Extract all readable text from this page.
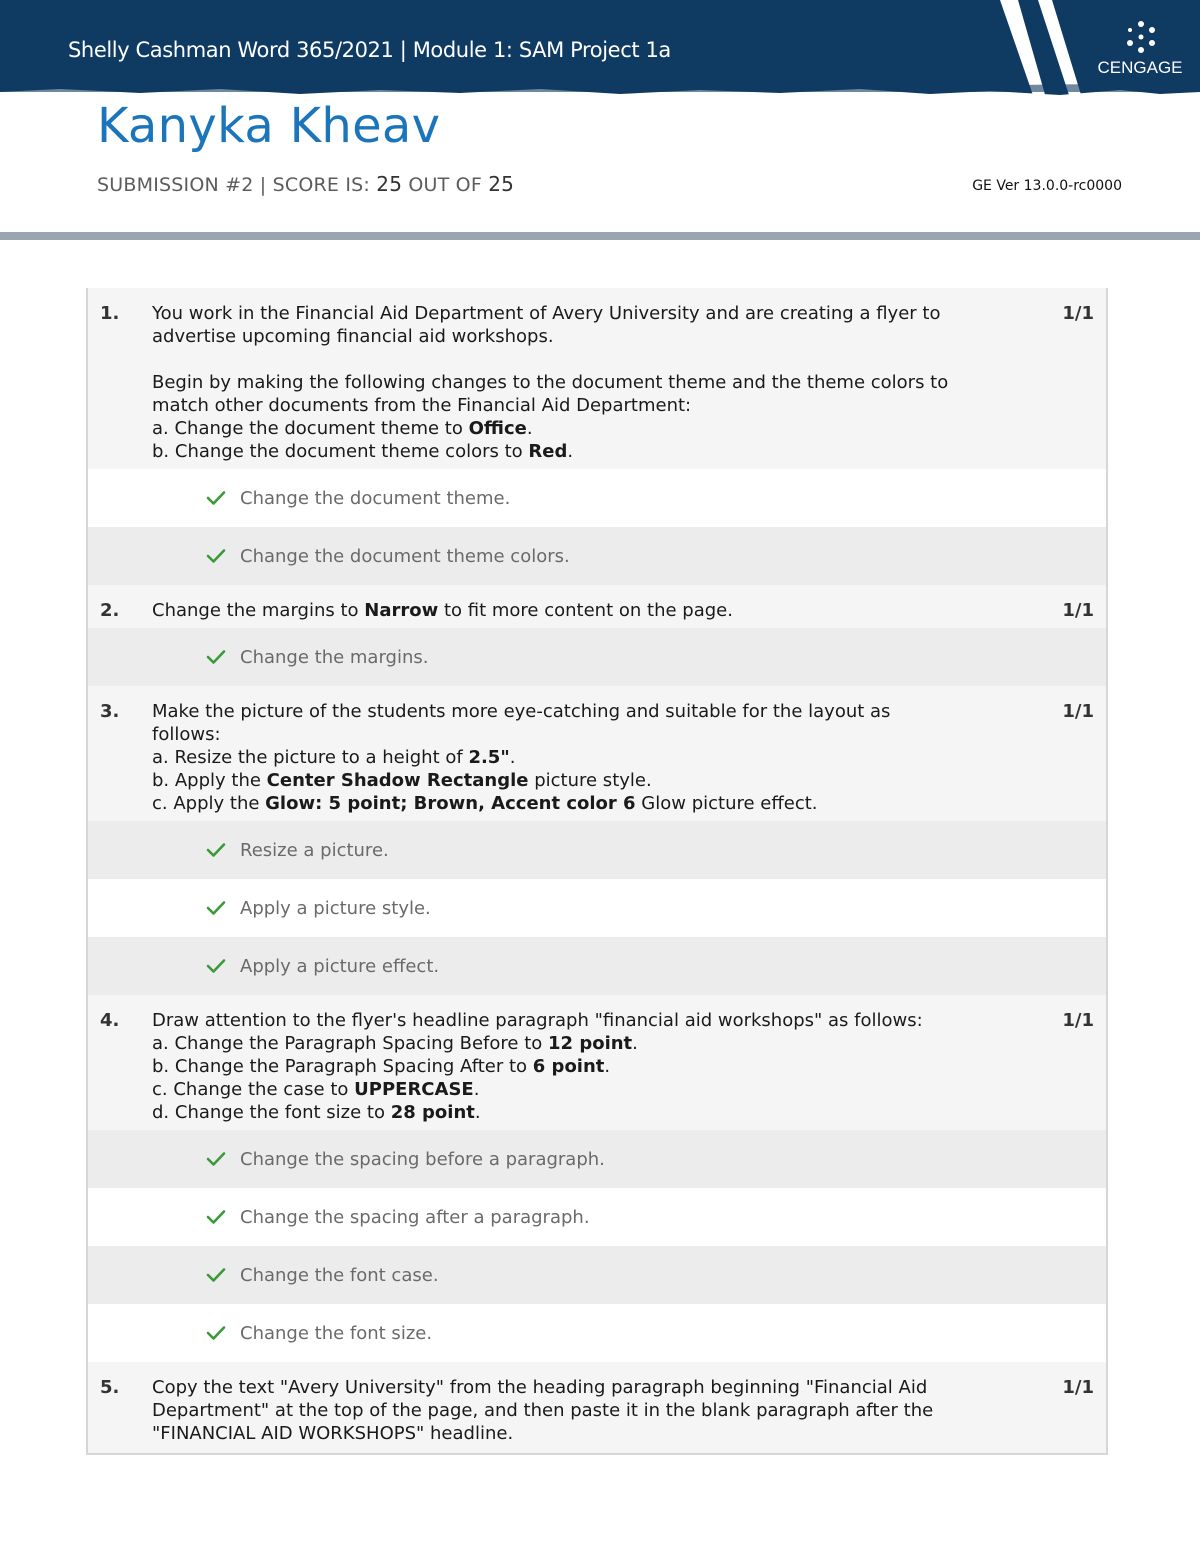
Shelly Cashman Word 365/2021 | Module 1: SAM Project 1a
CENGAGE
Kanyka Kheav
SUBMISSION #2 | SCORE IS: 25 OUT OF 25	GE Ver 13.0.0-rc0000
1.	1/1

You work in the Financial Aid Department of Avery University and are creating a flyer to advertise upcoming financial aid workshops.

Begin by making the following changes to the document theme and the theme colors to match other documents from the Financial Aid Department:
a. Change the document theme to Office.
b. Change the document theme colors to Red.

Change the document theme.
Change the document theme colors.
2.	1/1

Change the margins to Narrow to fit more content on the page.

Change the margins.
3.	1/1

Make the picture of the students more eye-catching and suitable for the layout as follows:
a. Resize the picture to a height of 2.5".
b. Apply the Center Shadow Rectangle picture style.
c. Apply the Glow: 5 point; Brown, Accent color 6 Glow picture effect.

Resize a picture.
Apply a picture style.
Apply a picture effect.
4.	1/1

Draw attention to the flyer's headline paragraph "financial aid workshops" as follows:
a. Change the Paragraph Spacing Before to 12 point.
b. Change the Paragraph Spacing After to 6 point.
c. Change the case to UPPERCASE.
d. Change the font size to 28 point.

Change the spacing before a paragraph.
Change the spacing after a paragraph.
Change the font case.
Change the font size.
5.	1/1

Copy the text "Avery University" from the heading paragraph beginning "Financial Aid Department" at the top of the page, and then paste it in the blank paragraph after the "FINANCIAL AID WORKSHOPS" headline.
